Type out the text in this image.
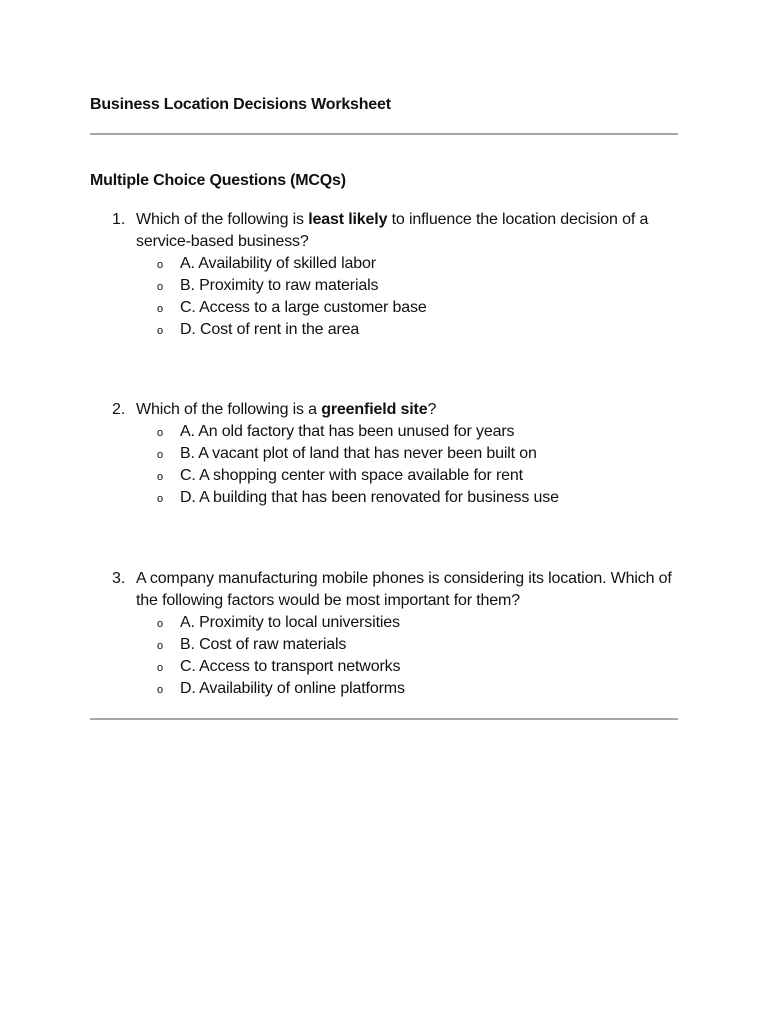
Business Location Decisions Worksheet
Multiple Choice Questions (MCQs)
1. Which of the following is least likely to influence the location decision of a service-based business?
o	A. Availability of skilled labor
o	B. Proximity to raw materials
o	C. Access to a large customer base
o	D. Cost of rent in the area
2. Which of the following is a greenfield site?
o	A. An old factory that has been unused for years
o	B. A vacant plot of land that has never been built on
o	C. A shopping center with space available for rent
o	D. A building that has been renovated for business use
3. A company manufacturing mobile phones is considering its location. Which of the following factors would be most important for them?
o	A. Proximity to local universities
o	B. Cost of raw materials
o	C. Access to transport networks
o	D. Availability of online platforms
